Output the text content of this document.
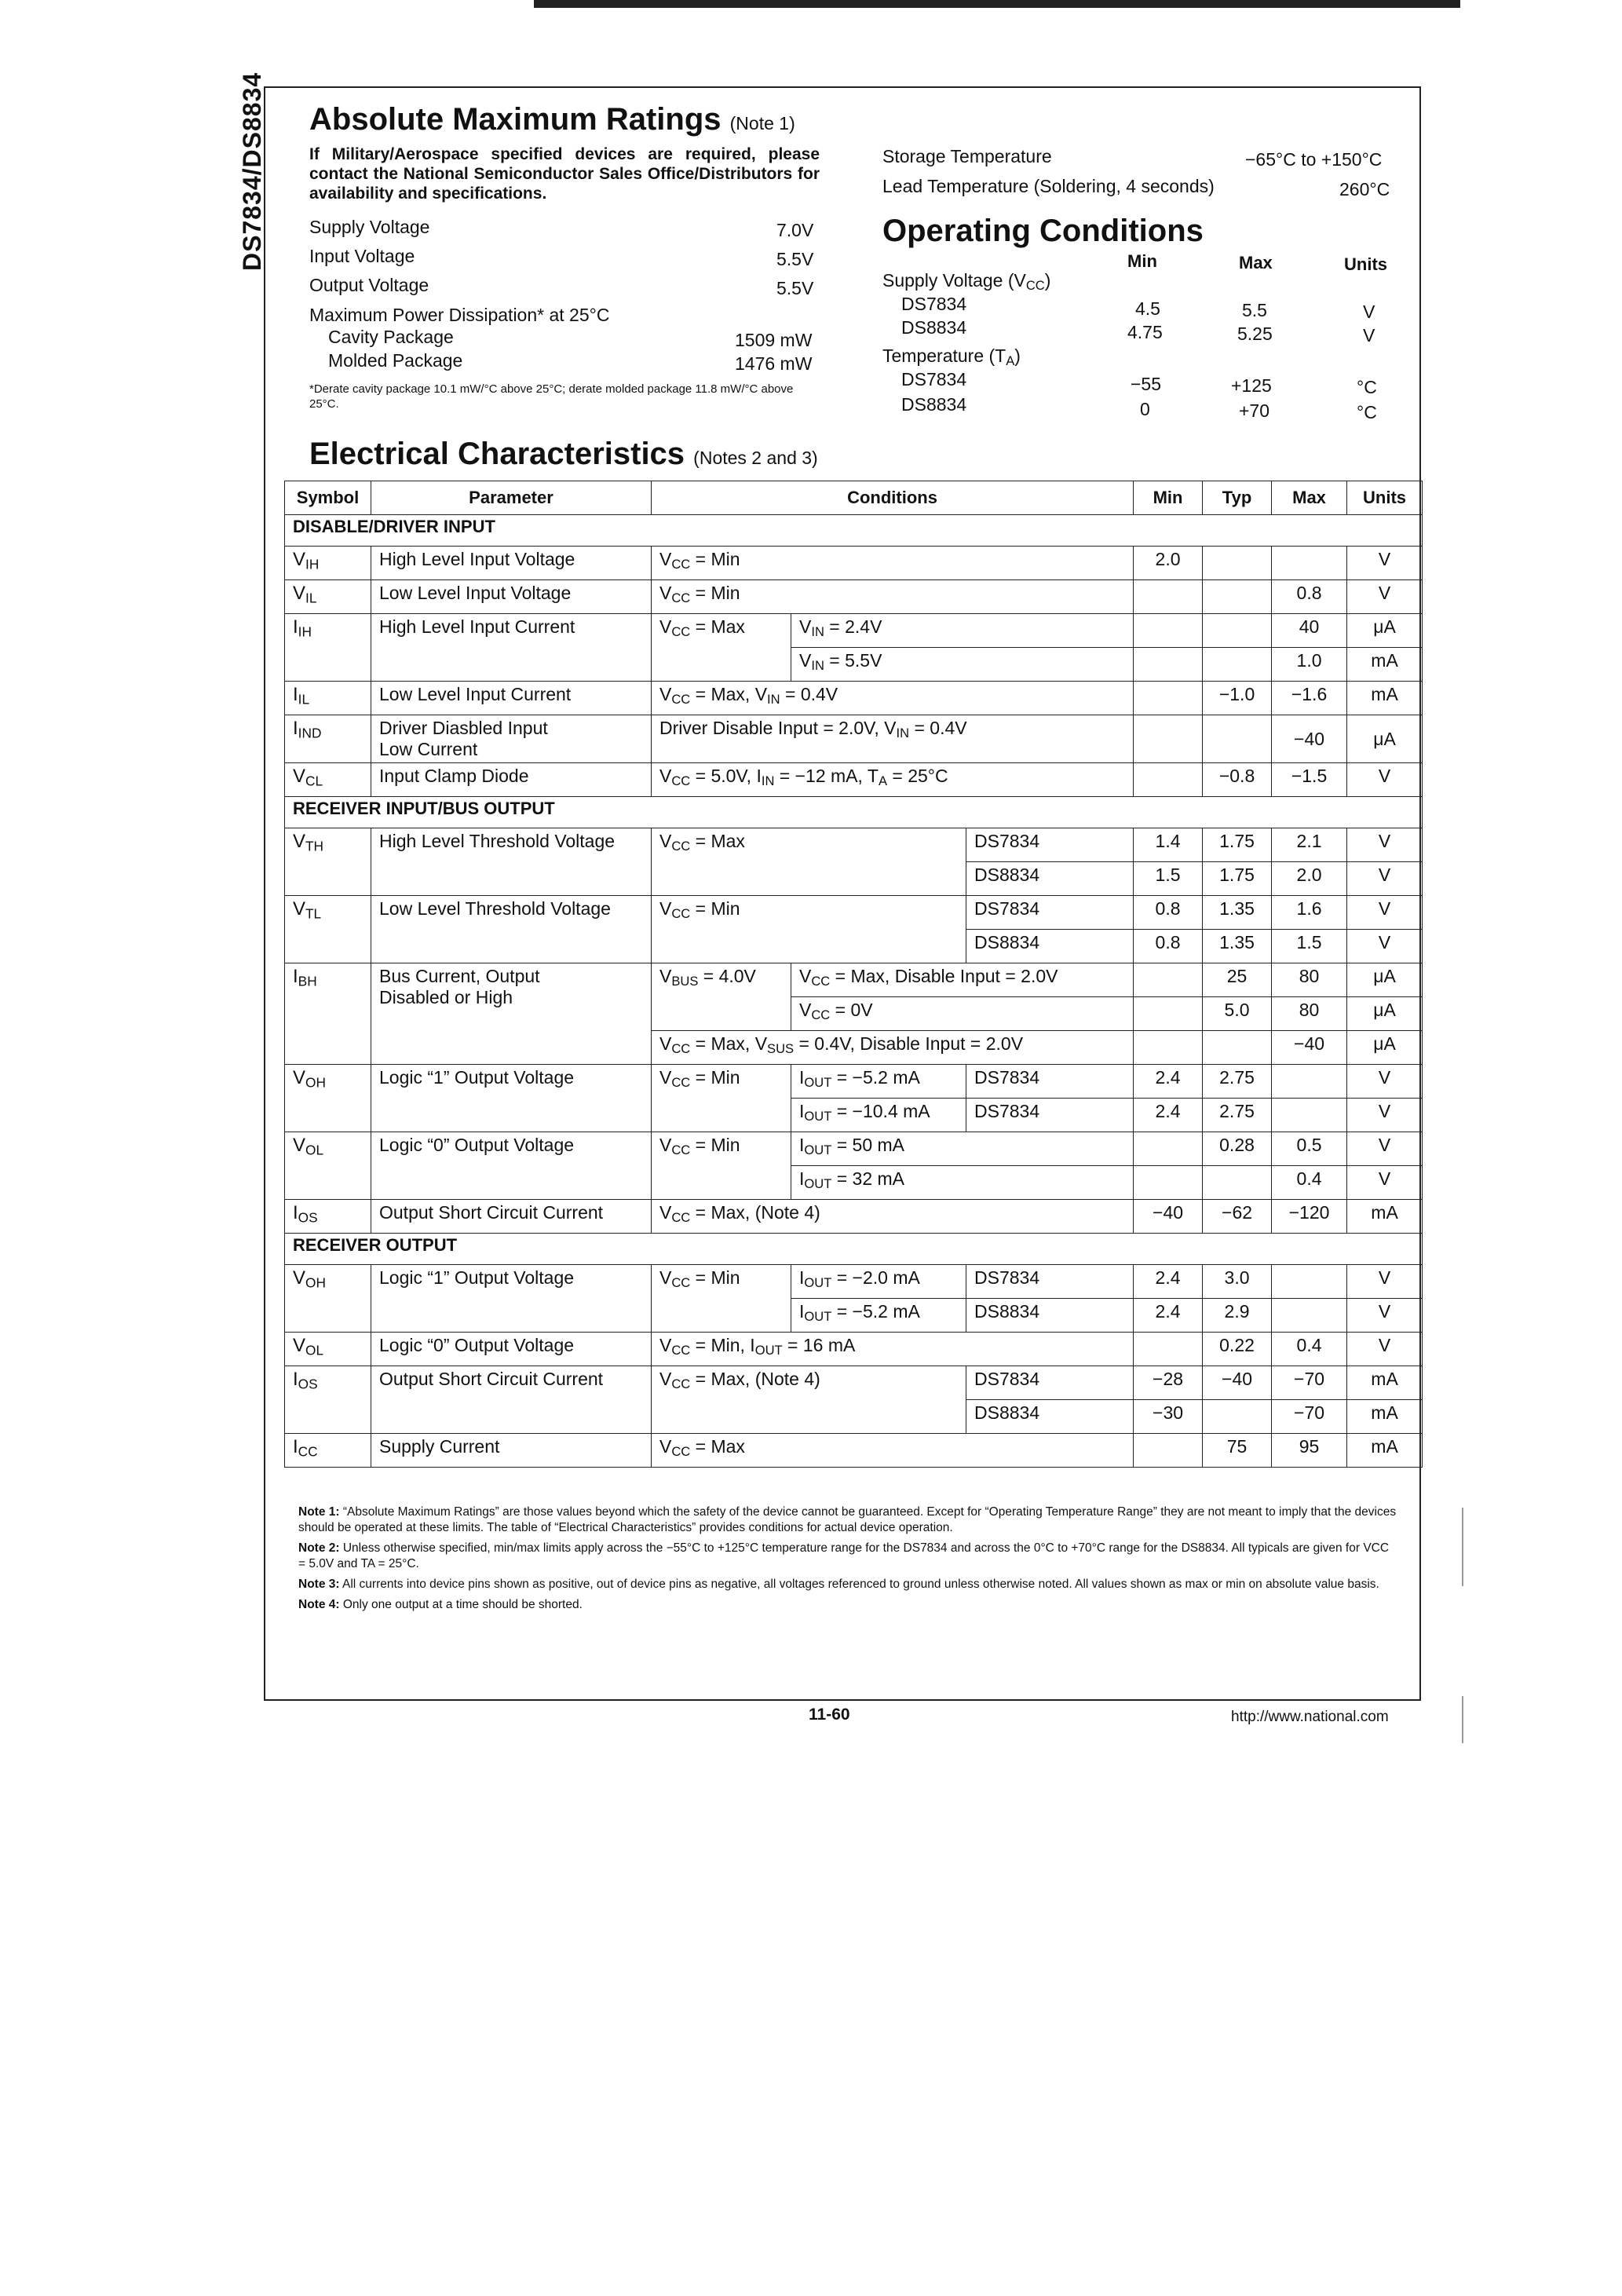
DS7834/DS8834 Absolute Maximum Ratings (Note 1)
If Military/Aerospace specified devices are required, please contact the National Semiconductor Sales Office/Distributors for availability and specifications.
Supply Voltage	7.0V
Input Voltage	5.5V
Output Voltage	5.5V
Maximum Power Dissipation* at 25°C
Cavity Package	1509 mW
Molded Package	1476 mW
*Derate cavity package 10.1 mW/°C above 25°C; derate molded package 11.8 mW/°C above 25°C.
Storage Temperature	−65°C to +150°C
Lead Temperature (Soldering, 4 seconds)	260°C
Operating Conditions
Min	Max	Units
Supply Voltage $(V_{CC})$
DS7834	4.5	5.5	V
DS8834	4.75	5.25	V
Temperature $(T_A)$
DS7834	−55	+125	°C
DS8834	0	+70	°C
Electrical Characteristics (Notes 2 and 3)
Symbol	Parameter	Conditions			Min	Typ	Max	Units
DISABLE/DRIVER INPUT								
$V_{IH}$	High Level Input Voltage	$V_{CC}$ = Min			2.0			V
$V_{IL}$	Low Level Input Voltage	$V_{CC}$ = Min					0.8	V
$I_{IH}$	High Level Input Current	$V_{CC}$ = Max	$V_{IN} = 2.4V$				40	μA
			$V_{IN} = 5.5V$				1.0	mA
$I_{IL}$	Low Level Input Current	$V_{CC}$ = Max, $V_{IN} = 0.4V$				−1.0	−1.6	mA
$I_{IND}$	Driver Diasbled Input
Low Current	Driver Disable Input = 2.0V, $V_{IN} = 0.4V$					−40	μA
$V_{CL}$	Input Clamp Diode	$V_{CC} = 5.0V$, $I_{IN} = -12$ mA, $T_A = 25^\circ C$				−0.8	−1.5	V
RECEIVER INPUT/BUS OUTPUT								
$V_{TH}$	High Level Threshold Voltage	$V_{CC}$ = Max		DS7834	1.4	1.75	2.1	V
				DS8834	1.5	1.75	2.0	V
$V_{TL}$	Low Level Threshold Voltage	$V_{CC}$ = Min		DS7834	0.8	1.35	1.6	V
				DS8834	0.8	1.35	1.5	V
$I_{BH}$	Bus Current, Output
Disabled or High	$V_{BUS} = 4.0V$	$V_{CC}$ = Max, Disable Input = 2.0V			25	80	μA
			$V_{CC} = 0V$			5.0	80	μA
		$V_{CC}$ = Max, $V_{SUS} = 0.4V$, Disable Input = 2.0V					−40	μA
$V_{OH}$	Logic “1” Output Voltage	$V_{CC}$ = Min	$I_{OUT} = -5.2$ mA	DS7834	2.4	2.75		V
			$I_{OUT} = -10.4$ mA	DS7834	2.4	2.75		V
$V_{OL}$	Logic “0” Output Voltage	$V_{CC}$ = Min	$I_{OUT} = 50$ mA			0.28	0.5	V
			$I_{OUT} = 32$ mA				0.4	V
$I_{OS}$	Output Short Circuit Current	$V_{CC}$ = Max, (Note 4)			−40	−62	−120	mA
RECEIVER OUTPUT								
$V_{OH}$	Logic “1” Output Voltage	$V_{CC}$ = Min	$I_{OUT} = -2.0$ mA	DS7834	2.4	3.0		V
			$I_{OUT} = -5.2$ mA	DS8834	2.4	2.9		V
$V_{OL}$	Logic “0” Output Voltage	$V_{CC}$ = Min, $I_{OUT} = 16$ mA				0.22	0.4	V
$I_{OS}$	Output Short Circuit Current	$V_{CC}$ = Max, (Note 4)		DS7834	−28	−40	−70	mA
				DS8834	−30		−70	mA
$I_{CC}$	Supply Current	$V_{CC}$ = Max				75	95	mA

Note 1: “Absolute Maximum Ratings” are those values beyond which the safety of the device cannot be guaranteed. Except for “Operating Temperature Range” they are not meant to imply that the devices should be operated at these limits. The table of “Electrical Characteristics” provides conditions for actual device operation.

Note 2: Unless otherwise specified, min/max limits apply across the −55°C to +125°C temperature range for the DS7834 and across the 0°C to +70°C range for the DS8834. All typicals are given for VCC = 5.0V and TA = 25°C.

Note 3: All currents into device pins shown as positive, out of device pins as negative, all voltages referenced to ground unless otherwise noted. All values shown as max or min on absolute value basis.

Note 4: Only one output at a time should be shorted.

11-60	http://www.national.com
